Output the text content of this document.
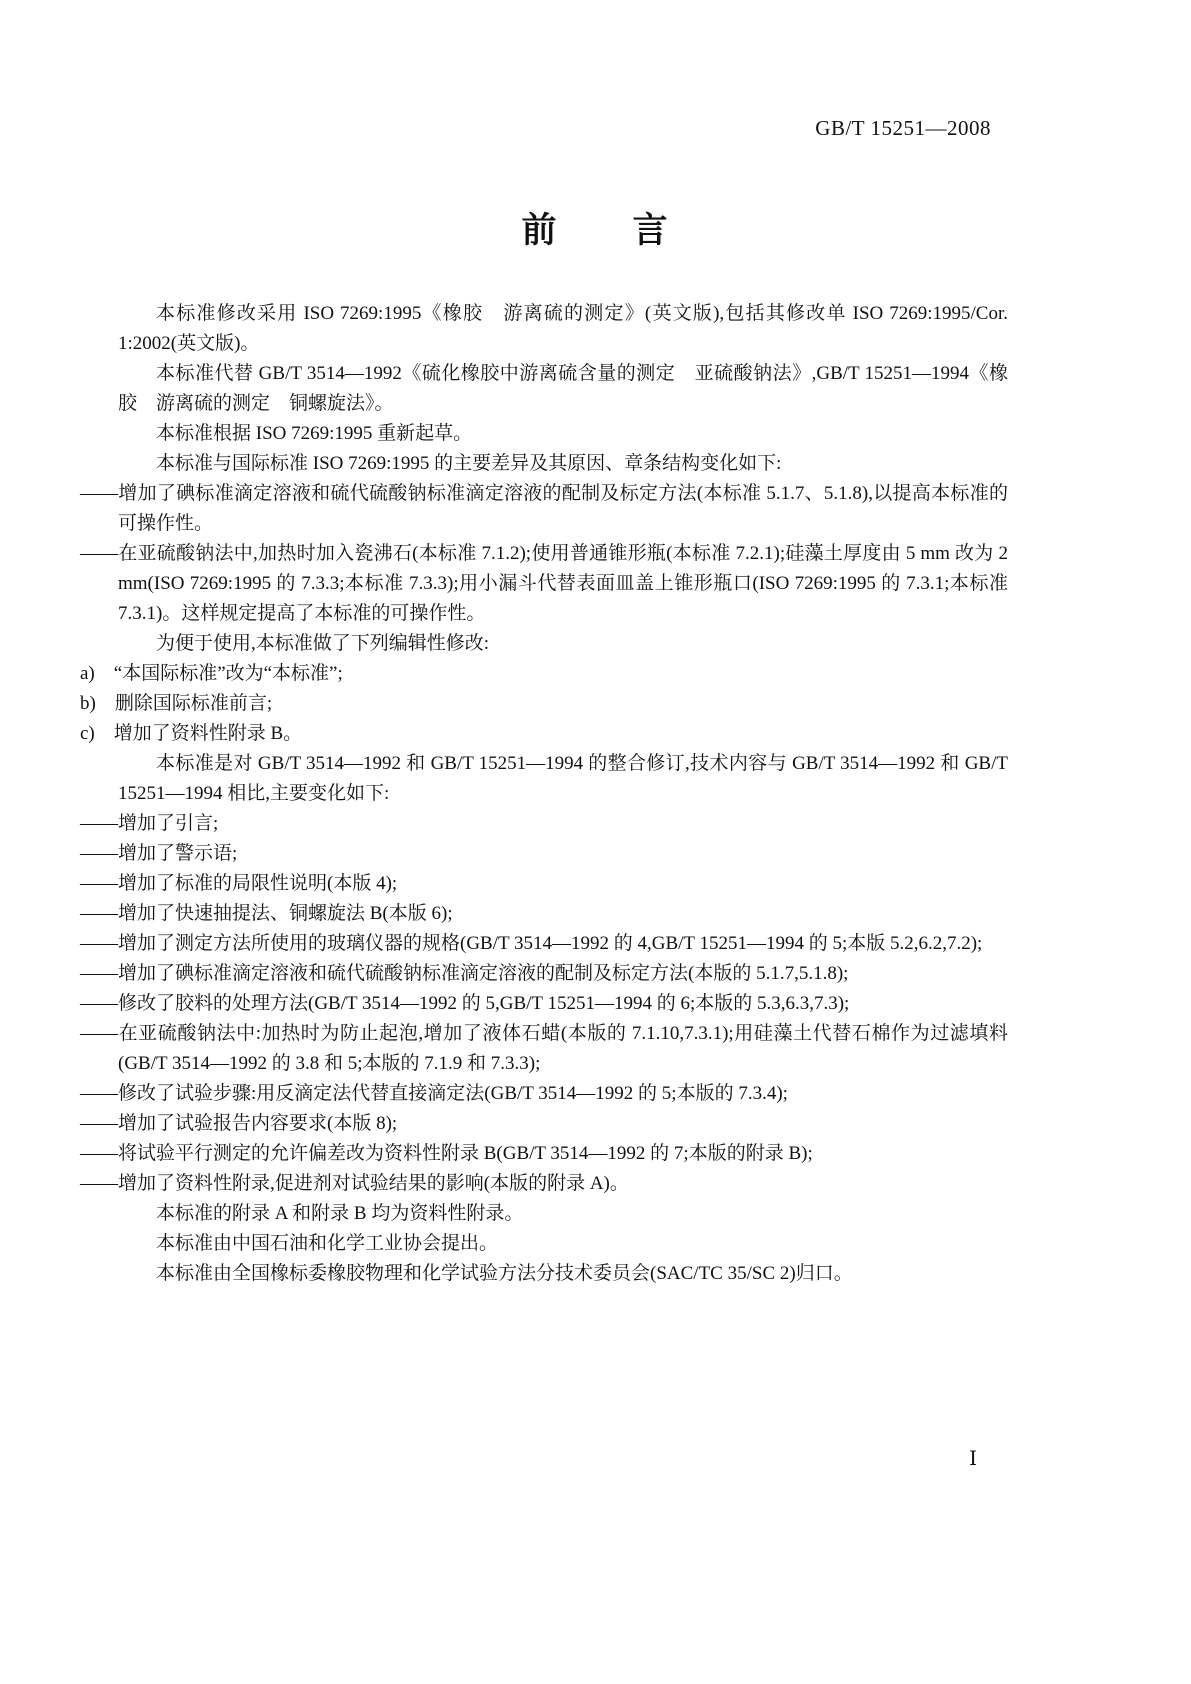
GB/T 15251—2008
前　　言

本标准修改采用 ISO 7269:1995《橡胶　游离硫的测定》(英文版),包括其修改单 ISO 7269:1995/Cor. 1:2002(英文版)。

本标准代替 GB/T 3514—1992《硫化橡胶中游离硫含量的测定　亚硫酸钠法》,GB/T 15251—1994《橡胶　游离硫的测定　铜螺旋法》。

本标准根据 ISO 7269:1995 重新起草。

本标准与国际标准 ISO 7269:1995 的主要差异及其原因、章条结构变化如下:

——增加了碘标准滴定溶液和硫代硫酸钠标准滴定溶液的配制及标定方法(本标准 5.1.7、5.1.8),以提高本标准的可操作性。

——在亚硫酸钠法中,加热时加入瓷沸石(本标准 7.1.2);使用普通锥形瓶(本标准 7.2.1);硅藻土厚度由 5 mm 改为 2 mm(ISO 7269:1995 的 7.3.3;本标准 7.3.3);用小漏斗代替表面皿盖上锥形瓶口(ISO 7269:1995 的 7.3.1;本标准 7.3.1)。这样规定提高了本标准的可操作性。

为便于使用,本标准做了下列编辑性修改:

a)　“本国际标准”改为“本标准”;

b)　删除国际标准前言;

c)　增加了资料性附录 B。

本标准是对 GB/T 3514—1992 和 GB/T 15251—1994 的整合修订,技术内容与 GB/T 3514—1992 和 GB/T 15251—1994 相比,主要变化如下:

——增加了引言;

——增加了警示语;

——增加了标准的局限性说明(本版 4);

——增加了快速抽提法、铜螺旋法 B(本版 6);

——增加了测定方法所使用的玻璃仪器的规格(GB/T 3514—1992 的 4,GB/T 15251—1994 的 5;本版 5.2,6.2,7.2);

——增加了碘标准滴定溶液和硫代硫酸钠标准滴定溶液的配制及标定方法(本版的 5.1.7,5.1.8);

——修改了胶料的处理方法(GB/T 3514—1992 的 5,GB/T 15251—1994 的 6;本版的 5.3,6.3,7.3);

——在亚硫酸钠法中:加热时为防止起泡,增加了液体石蜡(本版的 7.1.10,7.3.1);用硅藻土代替石棉作为过滤填料(GB/T 3514—1992 的 3.8 和 5;本版的 7.1.9 和 7.3.3);

——修改了试验步骤:用反滴定法代替直接滴定法(GB/T 3514—1992 的 5;本版的 7.3.4);

——增加了试验报告内容要求(本版 8);

——将试验平行测定的允许偏差改为资料性附录 B(GB/T 3514—1992 的 7;本版的附录 B);

——增加了资料性附录,促进剂对试验结果的影响(本版的附录 A)。

本标准的附录 A 和附录 B 均为资料性附录。

本标准由中国石油和化学工业协会提出。

本标准由全国橡标委橡胶物理和化学试验方法分技术委员会(SAC/TC 35/SC 2)归口。

Ⅰ
